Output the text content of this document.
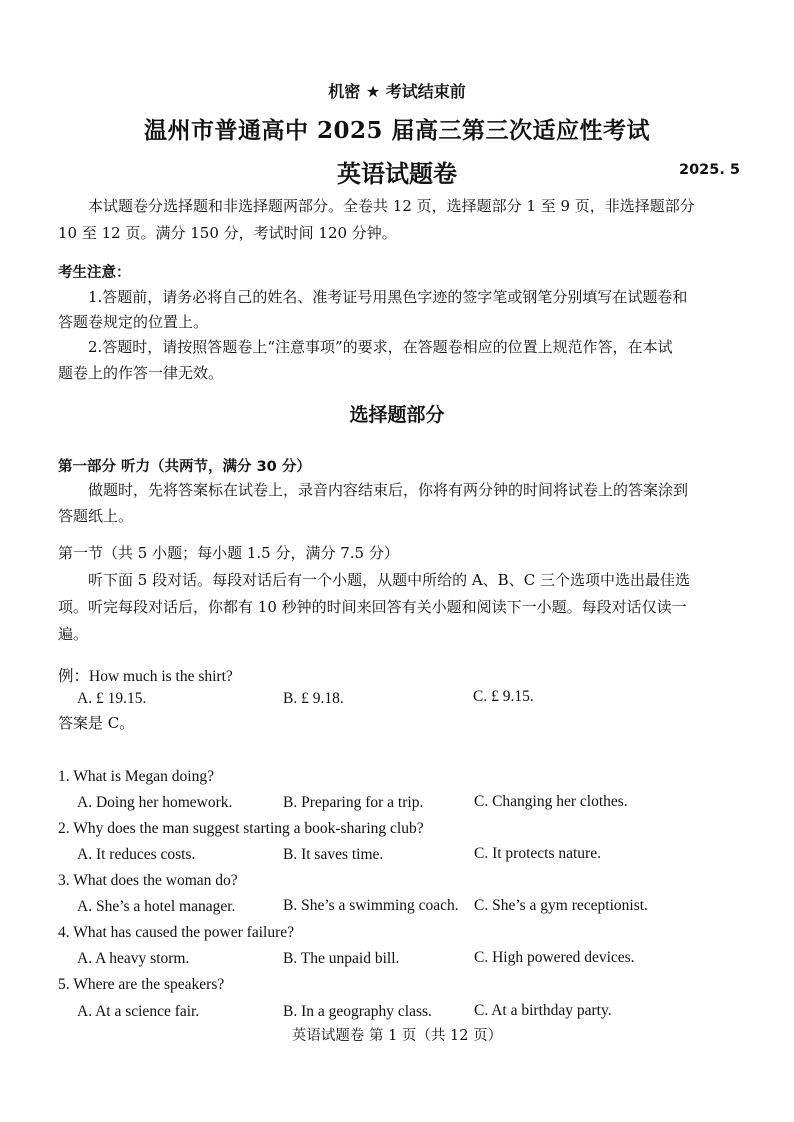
机密 ★ 考试结束前
温州市普通高中 2025 届高三第三次适应性考试
英语试题卷	2025. 5
本试题卷分选择题和非选择题两部分。全卷共 12 页，选择题部分 1 至 9 页，非选择题部分
10 至 12 页。满分 150 分，考试时间 120 分钟。
考生注意：
1.答题前，请务必将自己的姓名、准考证号用黑色字迹的签字笔或钢笔分别填写在试题卷和
答题卷规定的位置上。
2.答题时，请按照答题卷上“注意事项”的要求，在答题卷相应的位置上规范作答，在本试
题卷上的作答一律无效。
选择题部分
第一部分 听力（共两节，满分 30 分）
做题时，先将答案标在试卷上，录音内容结束后，你将有两分钟的时间将试卷上的答案涂到
答题纸上。
第一节（共 5 小题；每小题 1.5 分，满分 7.5 分）
听下面 5 段对话。每段对话后有一个小题，从题中所给的 A、B、C 三个选项中选出最佳选
项。听完每段对话后，你都有 10 秒钟的时间来回答有关小题和阅读下一小题。每段对话仅读一
遍。
例：How much is the shirt?
A. £ 19.15.	B. £ 9.18.	C. £ 9.15.
答案是 C。
1. What is Megan doing?
A. Doing her homework.	B. Preparing for a trip.	C. Changing her clothes.
2. Why does the man suggest starting a book-sharing club?
A. It reduces costs.	B. It saves time.	C. It protects nature.
3. What does the woman do?
A. She’s a hotel manager.	B. She’s a swimming coach. C. She’s a gym receptionist.
4. What has caused the power failure?
A. A heavy storm.	B. The unpaid bill.	C. High powered devices.
5. Where are the speakers?
A. At a science fair.	B. In a geography class.	C. At a birthday party.
英语试题卷 第 1 页（共 12 页）
